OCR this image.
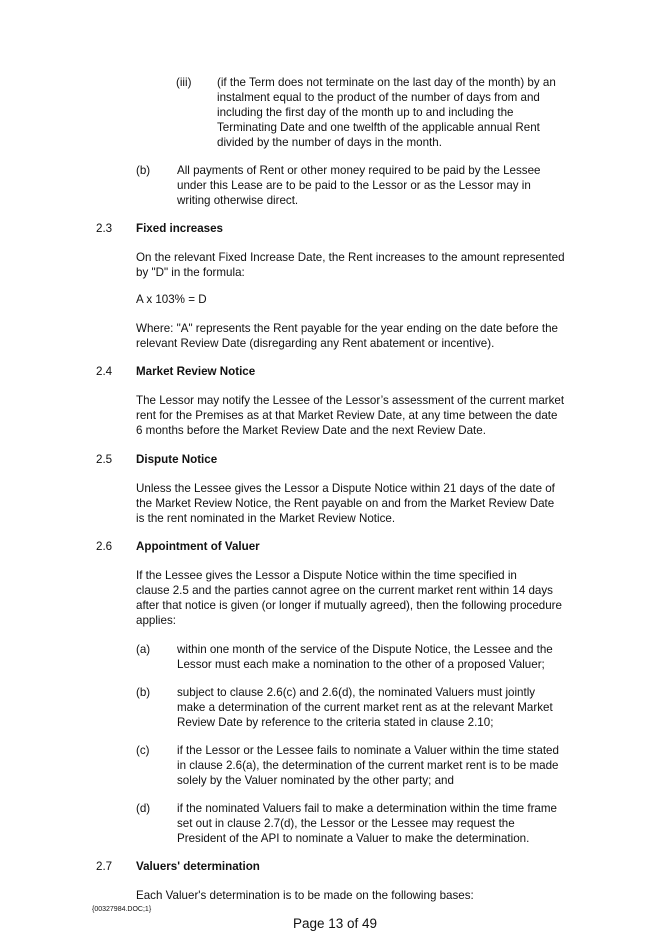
(iii) (if the Term does not terminate on the last day of the month) by an
instalment equal to the product of the number of days from and
including the first day of the month up to and including the
Terminating Date and one twelfth of the applicable annual Rent
divided by the number of days in the month.
(b) All payments of Rent or other money required to be paid by the Lessee
under this Lease are to be paid to the Lessor or as the Lessor may in
writing otherwise direct.
2.3 Fixed increases
On the relevant Fixed Increase Date, the Rent increases to the amount represented
by "D" in the formula:
A x 103% = D
Where: "A" represents the Rent payable for the year ending on the date before the
relevant Review Date (disregarding any Rent abatement or incentive).
2.4 Market Review Notice
The Lessor may notify the Lessee of the Lessor’s assessment of the current market
rent for the Premises as at that Market Review Date, at any time between the date
6 months before the Market Review Date and the next Review Date.
2.5 Dispute Notice
Unless the Lessee gives the Lessor a Dispute Notice within 21 days of the date of
the Market Review Notice, the Rent payable on and from the Market Review Date
is the rent nominated in the Market Review Notice.
2.6 Appointment of Valuer
If the Lessee gives the Lessor a Dispute Notice within the time specified in
clause 2.5 and the parties cannot agree on the current market rent within 14 days
after that notice is given (or longer if mutually agreed), then the following procedure
applies:
(a) within one month of the service of the Dispute Notice, the Lessee and the
Lessor must each make a nomination to the other of a proposed Valuer;
(b) subject to clause 2.6(c) and 2.6(d), the nominated Valuers must jointly
make a determination of the current market rent as at the relevant Market
Review Date by reference to the criteria stated in clause 2.10;
(c) if the Lessor or the Lessee fails to nominate a Valuer within the time stated
in clause 2.6(a), the determination of the current market rent is to be made
solely by the Valuer nominated by the other party; and
(d) if the nominated Valuers fail to make a determination within the time frame
set out in clause 2.7(d), the Lessor or the Lessee may request the
President of the API to nominate a Valuer to make the determination.
2.7 Valuers' determination
Each Valuer's determination is to be made on the following bases:
{00327984.DOC;1}
Page 13 of 49
